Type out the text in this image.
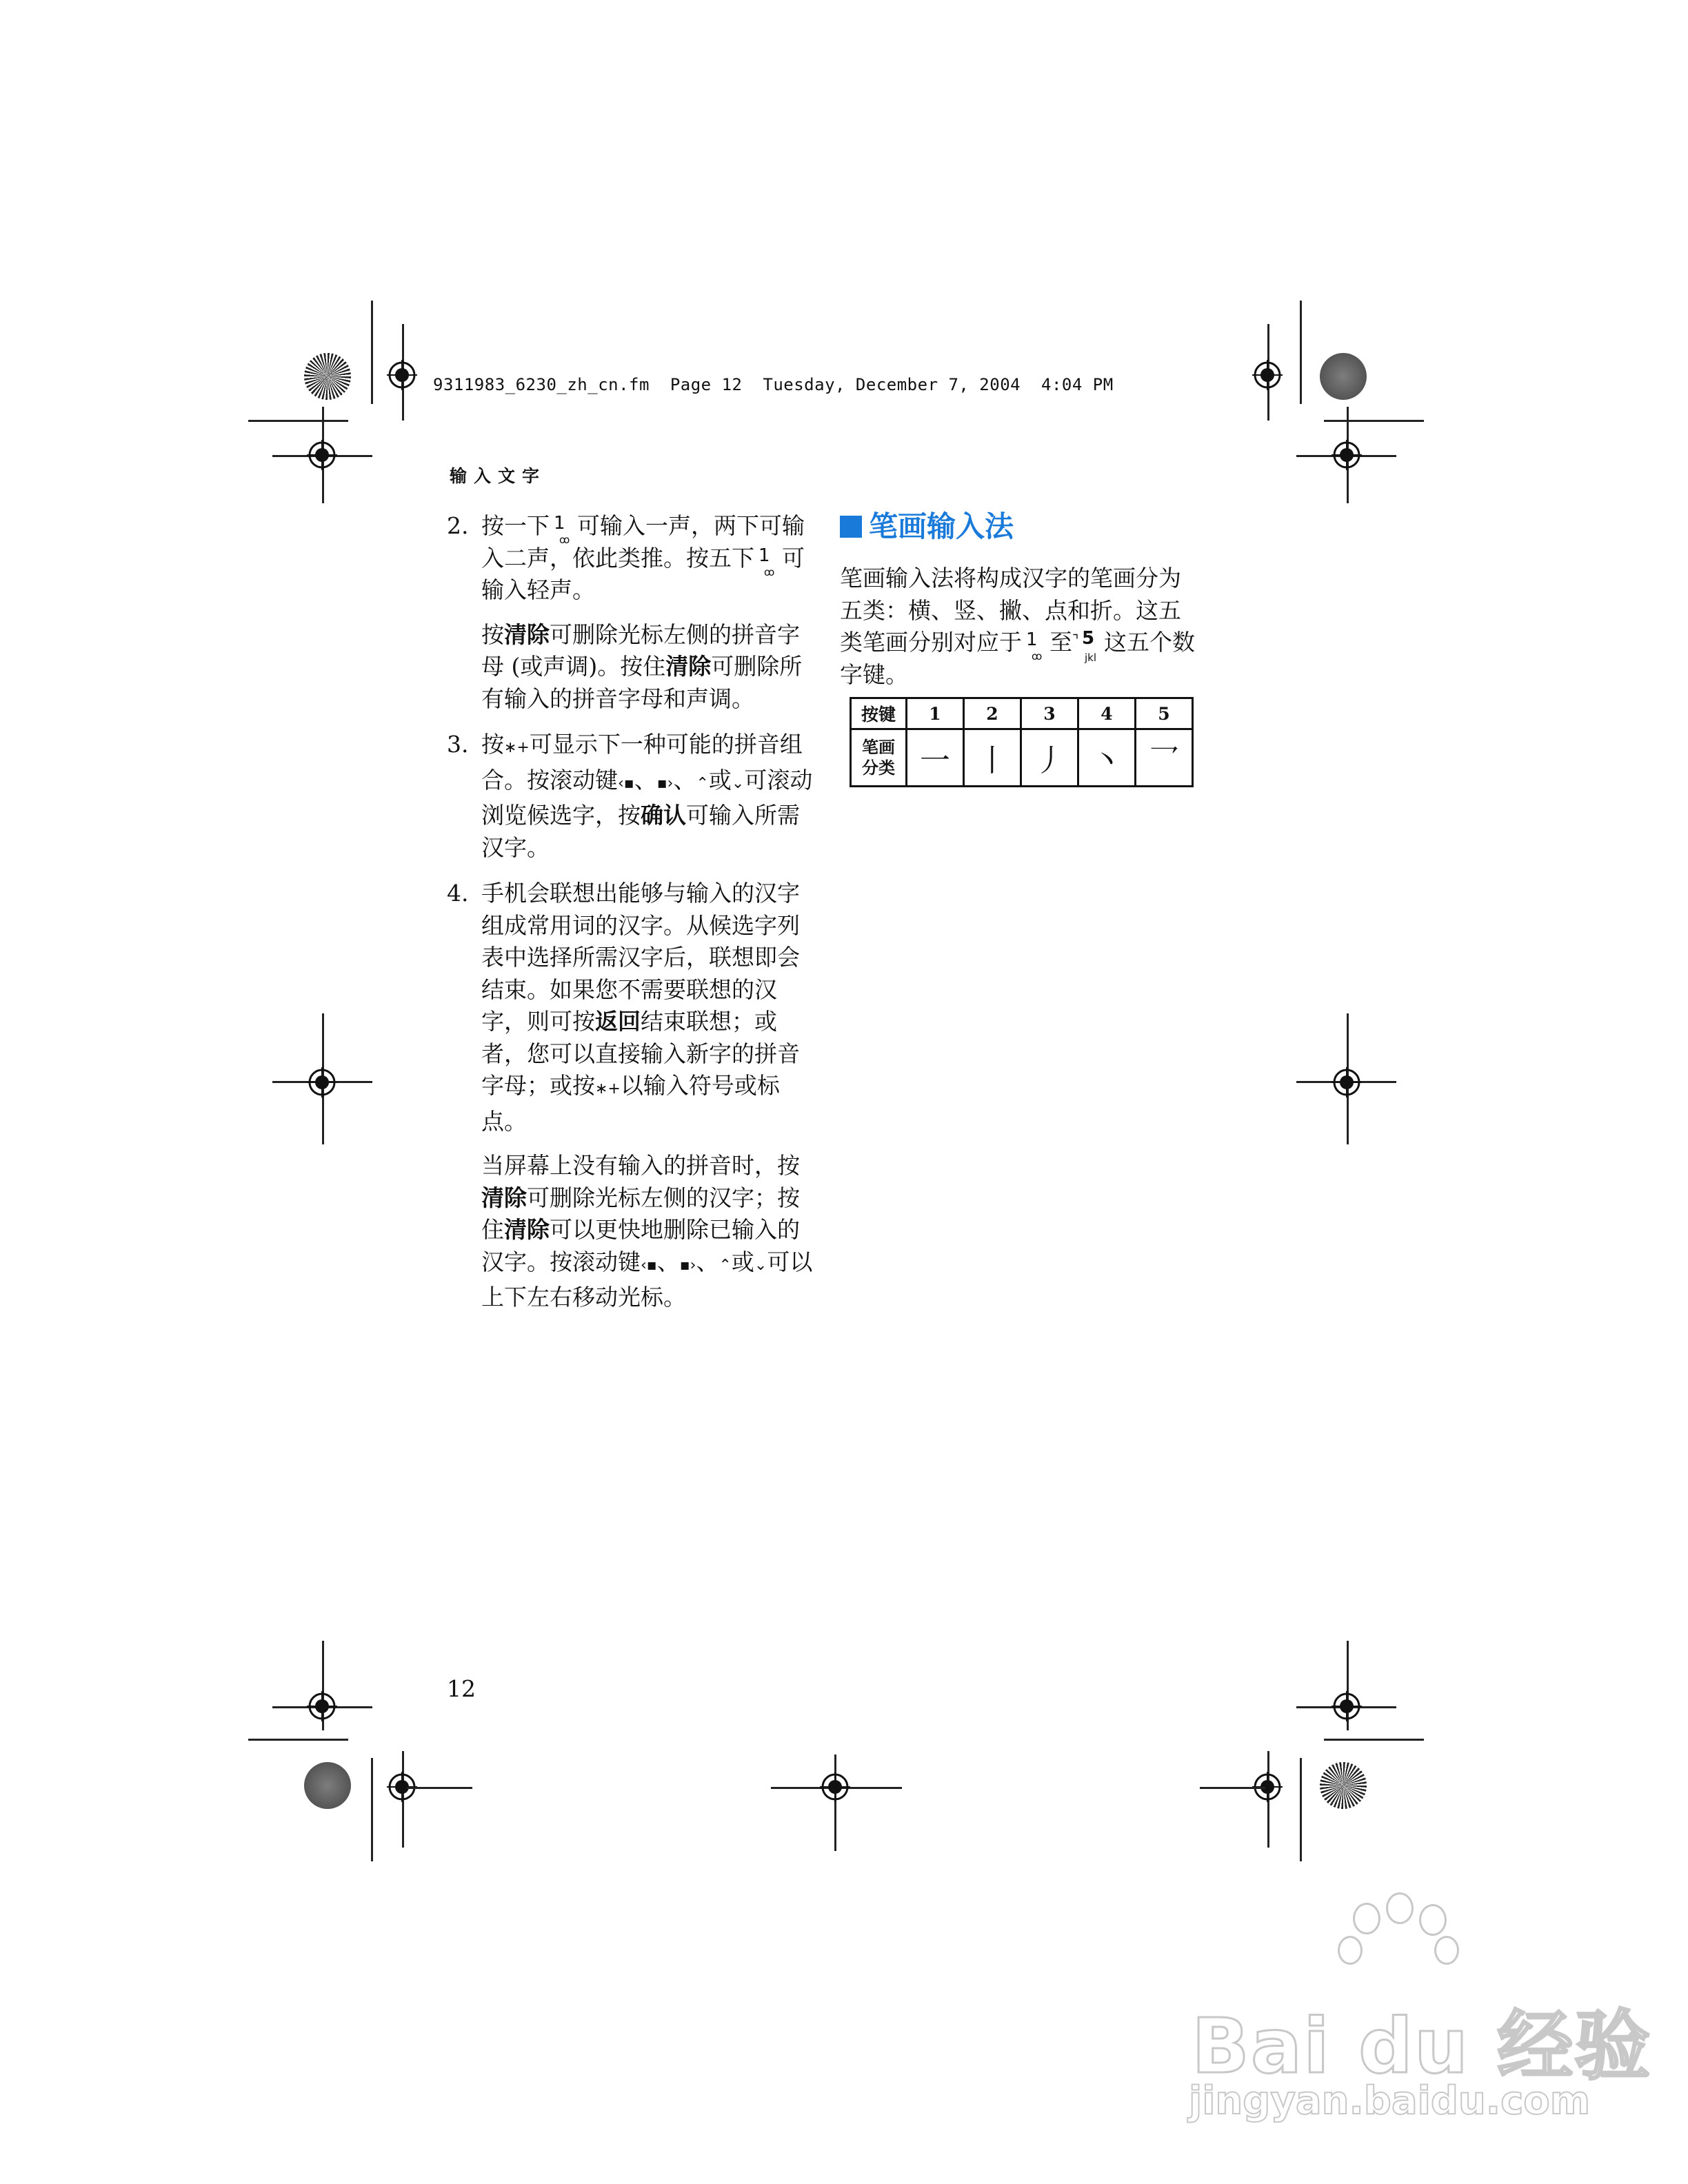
9311983_6230_zh_cn.fm  Page 12  Tuesday, December 7, 2004  4:04 PM
输入文字
2. 按一下 1
ꝏ
可输入一声，两下可输入二声，依此类推。按五下 1
ꝏ
可输入轻声。

按清除可删除光标左侧的拼音字母 (或声调)。按住清除可删除所有输入的拼音字母和声调。

3. 按∗+可显示下一种可能的拼音组合。按滚动键‹▪、▪›、⌃或⌄可滚动浏览候选字，按确认可输入所需汉字。

4. 手机会联想出能够与输入的汉字组成常用词的汉字。从候选字列表中选择所需汉字后，联想即会结束。如果您不需要联想的汉字，则可按返回结束联想；或者，您可以直接输入新字的拼音字母；或按∗+以输入符号或标点。

当屏幕上没有输入的拼音时，按清除可删除光标左侧的汉字；按住清除可以更快地删除已输入的汉字。按滚动键‹▪、▪›、⌃或⌄可以上下左右移动光标。

笔画输入法

笔画输入法将构成汉字的笔画分为五类：横、竖、撇、点和折。这五类笔画分别对应于 1
ꝏ
至 ⌝ 5
jkl
这五个数字键。

按键	1	2	3	4	5
笔画
分类	一	丨	丿	丶	乛
12
Bai du 经验
jingyan.baidu.com
